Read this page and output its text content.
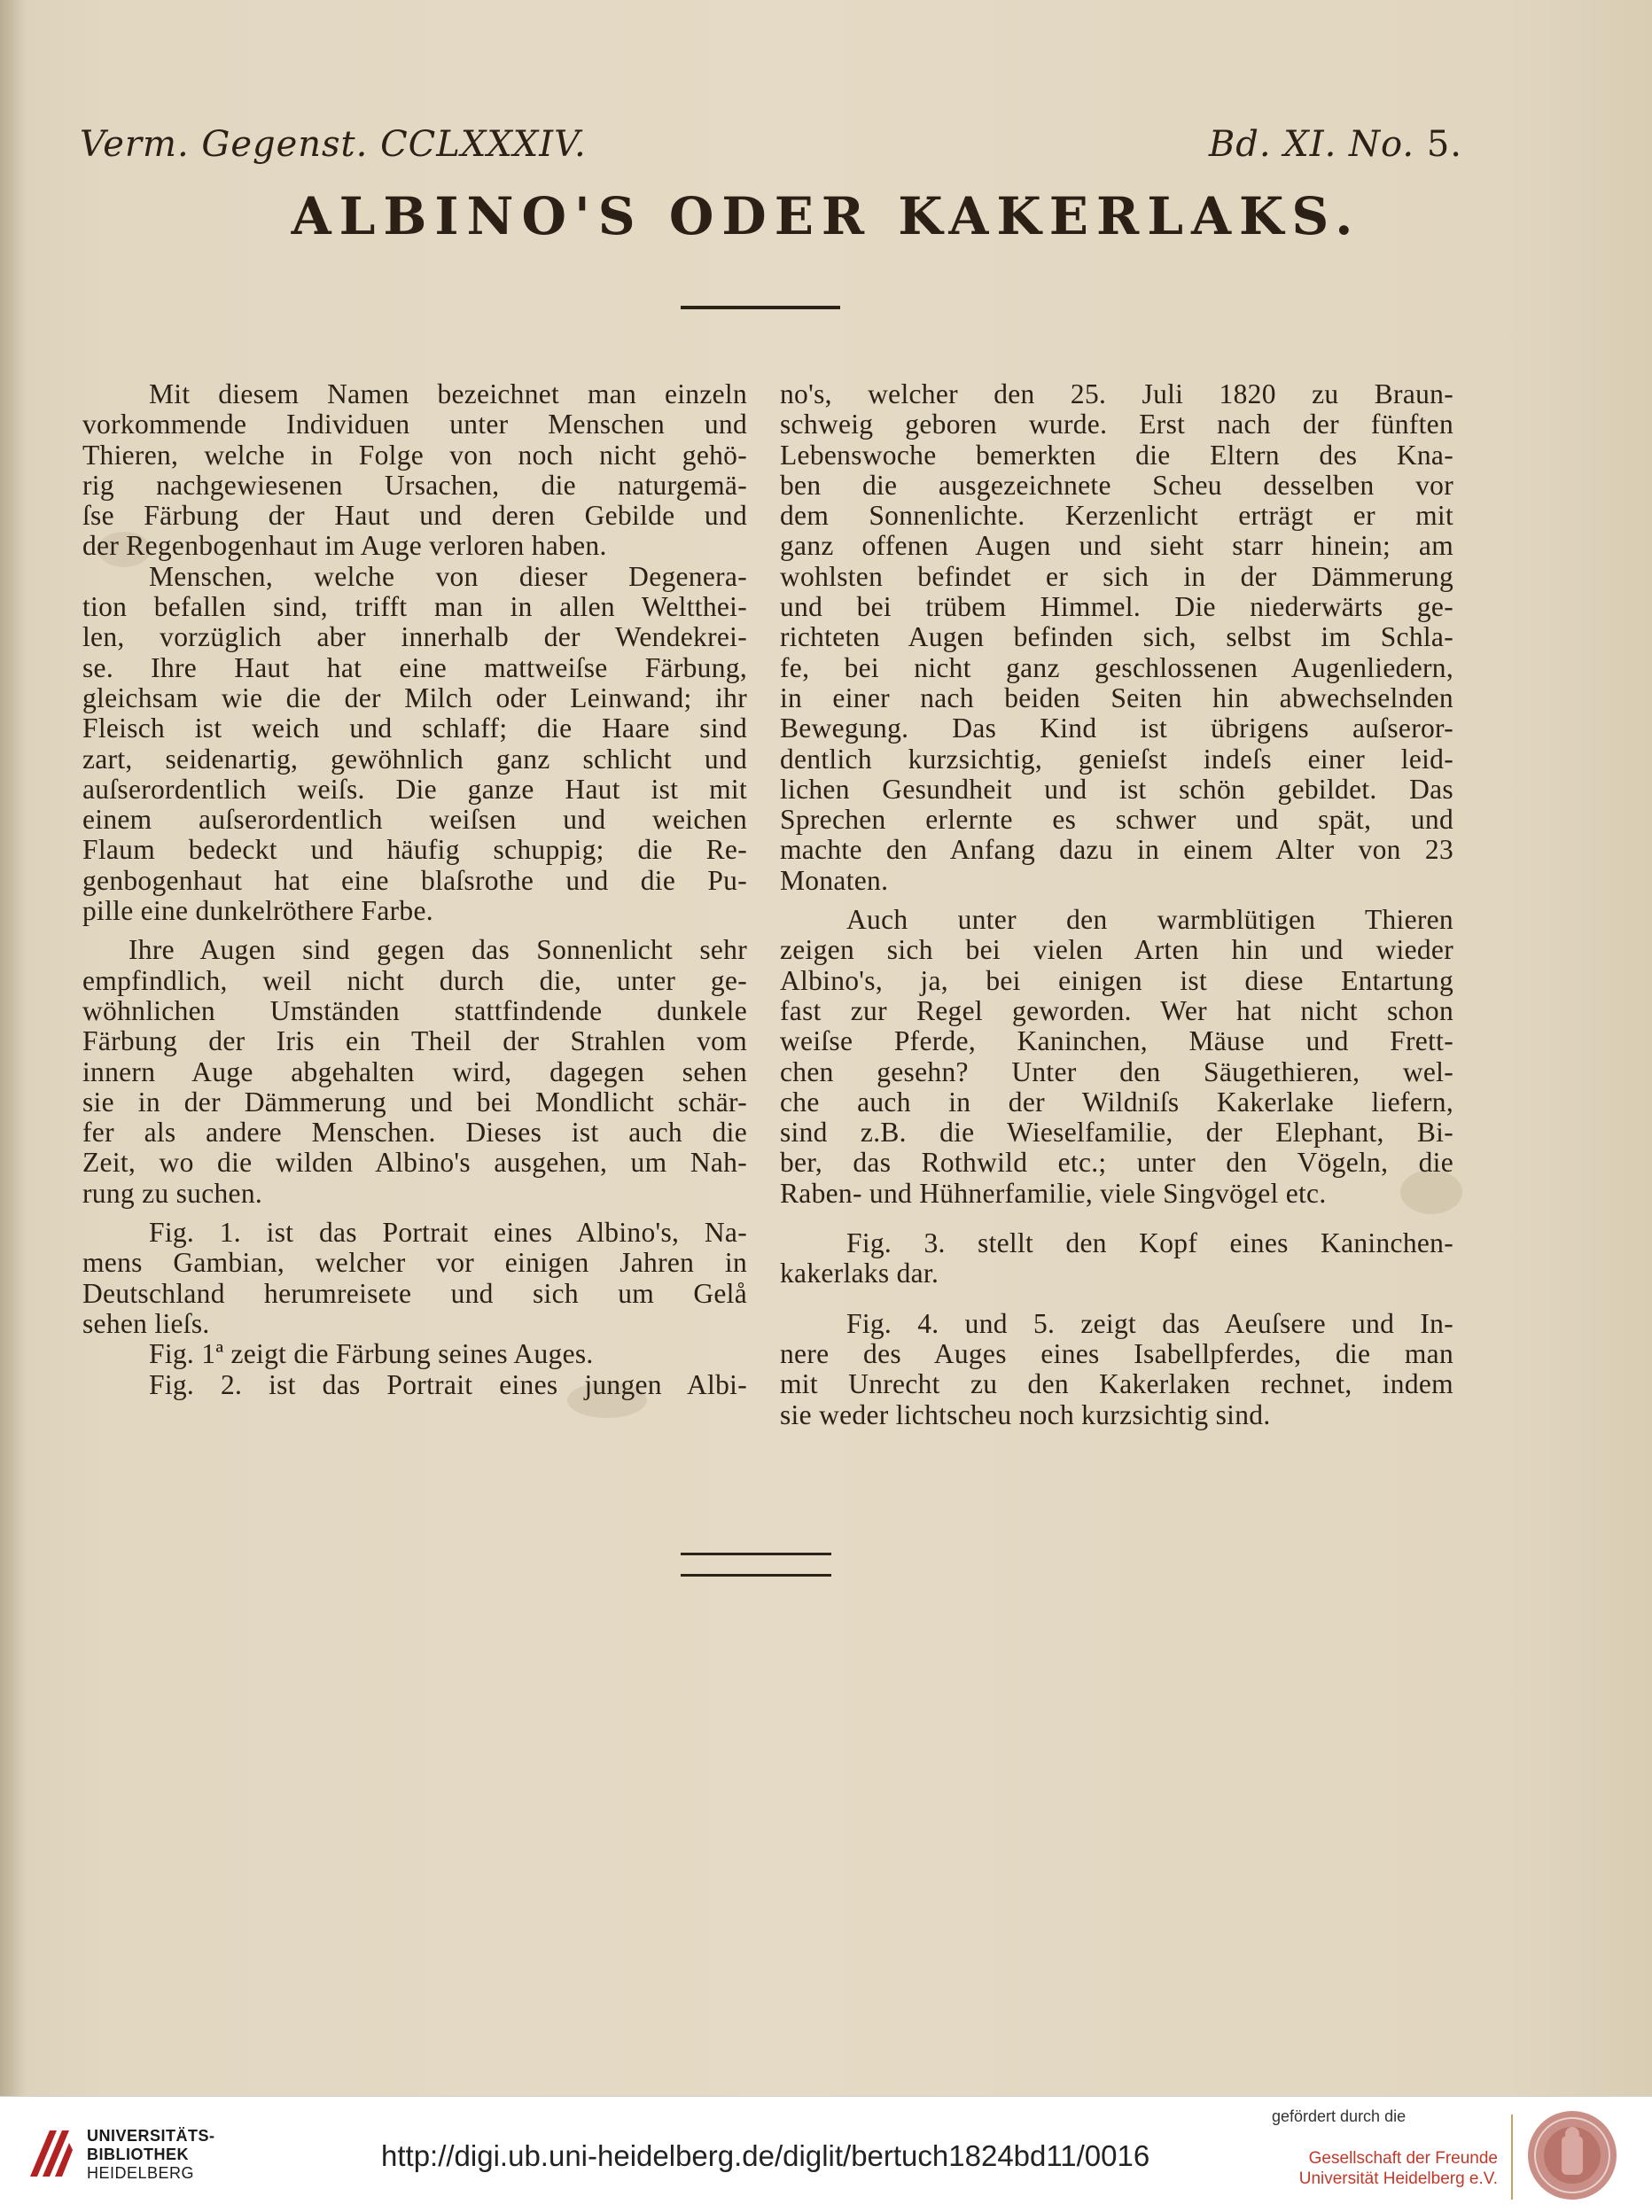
Verm. Gegenst. CCLXXXIV.	Bd. XI. No. 5.
ALBINO'S ODER KAKERLAKS.

Mit diesem Namen bezeichnet man einzeln

vorkommende Individuen unter Menschen und

Thieren, welche in Folge von noch nicht gehö-

rig nachgewiesenen Ursachen, die naturgemä-

ſse Färbung der Haut und deren Gebilde und

der Regenbogenhaut im Auge verloren haben.

Menschen, welche von dieser Degenera-

tion befallen sind, trifft man in allen Weltthei-

len, vorzüglich aber innerhalb der Wendekrei-

se. Ihre Haut hat eine mattweiſse Färbung,

gleichsam wie die der Milch oder Leinwand; ihr

Fleisch ist weich und schlaff; die Haare sind

zart, seidenartig, gewöhnlich ganz schlicht und

auſserordentlich weiſs. Die ganze Haut ist mit

einem auſserordentlich weiſsen und weichen

Flaum bedeckt und häufig schuppig; die Re-

genbogenhaut hat eine blaſsrothe und die Pu-

pille eine dunkelröthere Farbe.

Ihre Augen sind gegen das Sonnenlicht sehr

empfindlich, weil nicht durch die, unter ge-

wöhnlichen Umständen stattfindende dunkele

Färbung der Iris ein Theil der Strahlen vom

innern Auge abgehalten wird, dagegen sehen

sie in der Dämmerung und bei Mondlicht schär-

fer als andere Menschen. Dieses ist auch die

Zeit, wo die wilden Albino's ausgehen, um Nah-

rung zu suchen.

Fig. 1. ist das Portrait eines Albino's, Na-

mens Gambian, welcher vor einigen Jahren in

Deutschland herumreisete und sich um Gelå

sehen lieſs.

Fig. 1ª zeigt die Färbung seines Auges.

Fig. 2. ist das Portrait eines jungen Albi-

no's, welcher den 25. Juli 1820 zu Braun-

schweig geboren wurde. Erst nach der fünften

Lebenswoche bemerkten die Eltern des Kna-

ben die ausgezeichnete Scheu desselben vor

dem Sonnenlichte. Kerzenlicht erträgt er mit

ganz offenen Augen und sieht starr hinein; am

wohlsten befindet er sich in der Dämmerung

und bei trübem Himmel. Die niederwärts ge-

richteten Augen befinden sich, selbst im Schla-

fe, bei nicht ganz geschlossenen Augenliedern,

in einer nach beiden Seiten hin abwechselnden

Bewegung. Das Kind ist übrigens auſseror-

dentlich kurzsichtig, genieſst indeſs einer leid-

lichen Gesundheit und ist schön gebildet. Das

Sprechen erlernte es schwer und spät, und

machte den Anfang dazu in einem Alter von 23

Monaten.

Auch unter den warmblütigen Thieren

zeigen sich bei vielen Arten hin und wieder

Albino's, ja, bei einigen ist diese Entartung

fast zur Regel geworden. Wer hat nicht schon

weiſse Pferde, Kaninchen, Mäuse und Frett-

chen gesehn? Unter den Säugethieren, wel-

che auch in der Wildniſs Kakerlake liefern,

sind z.B. die Wieselfamilie, der Elephant, Bi-

ber, das Rothwild etc.; unter den Vögeln, die

Raben- und Hühnerfamilie, viele Singvögel etc.

Fig. 3. stellt den Kopf eines Kaninchen-

kakerlaks dar.

Fig. 4. und 5. zeigt das Aeuſsere und In-

nere des Auges eines Isabellpferdes, die man

mit Unrecht zu den Kakerlaken rechnet, indem

sie weder lichtscheu noch kurzsichtig sind.

UNIVERSITÄTS-
BIBLIOTHEK
HEIDELBERG
http://digi.ub.uni-heidelberg.de/diglit/bertuch1824bd11/0016
gefördert durch die
Gesellschaft der Freunde
Universität Heidelberg e.V.
